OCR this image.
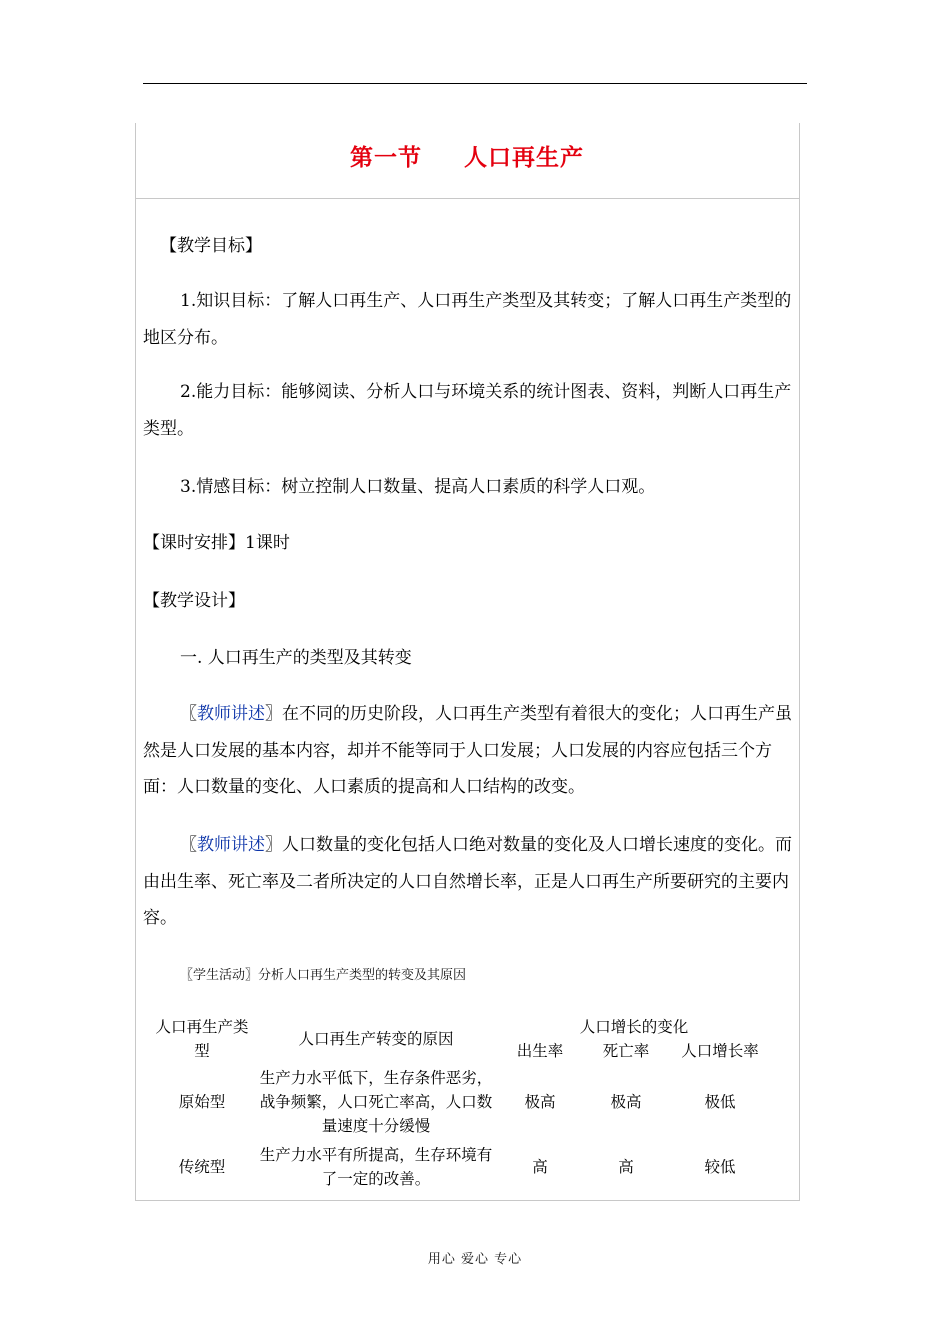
第一节 人口再生产

【教学目标】

1.知识目标：了解人口再生产、人口再生产类型及其转变；了解人口再生产类型的地区分布。

2.能力目标：能够阅读、分析人口与环境关系的统计图表、资料，判断人口再生产类型。

3.情感目标：树立控制人口数量、提高人口素质的科学人口观。

【课时安排】1课时

【教学设计】

一. 人口再生产的类型及其转变

〖教师讲述〗在不同的历史阶段，人口再生产类型有着很大的变化；人口再生产虽然是人口发展的基本内容，却并不能等同于人口发展；人口发展的内容应包括三个方面：人口数量的变化、人口素质的提高和人口结构的改变。

〖教师讲述〗人口数量的变化包括人口绝对数量的变化及人口增长速度的变化。而由出生率、死亡率及二者所决定的人口自然增长率，正是人口再生产所要研究的主要内容。

〖学生活动〗分析人口再生产类型的转变及其原因
人口再生产类型	人口再生产转变的原因	人口增长的变化		
		出生率	死亡率	人口增长率
原始型	生产力水平低下，生存条件恶劣，战争频繁，人口死亡率高，人口数量速度十分缓慢	极高	极高	极低
传统型	生产力水平有所提高，生存环境有了一定的改善。	高	高	较低
用心 爱心 专心
